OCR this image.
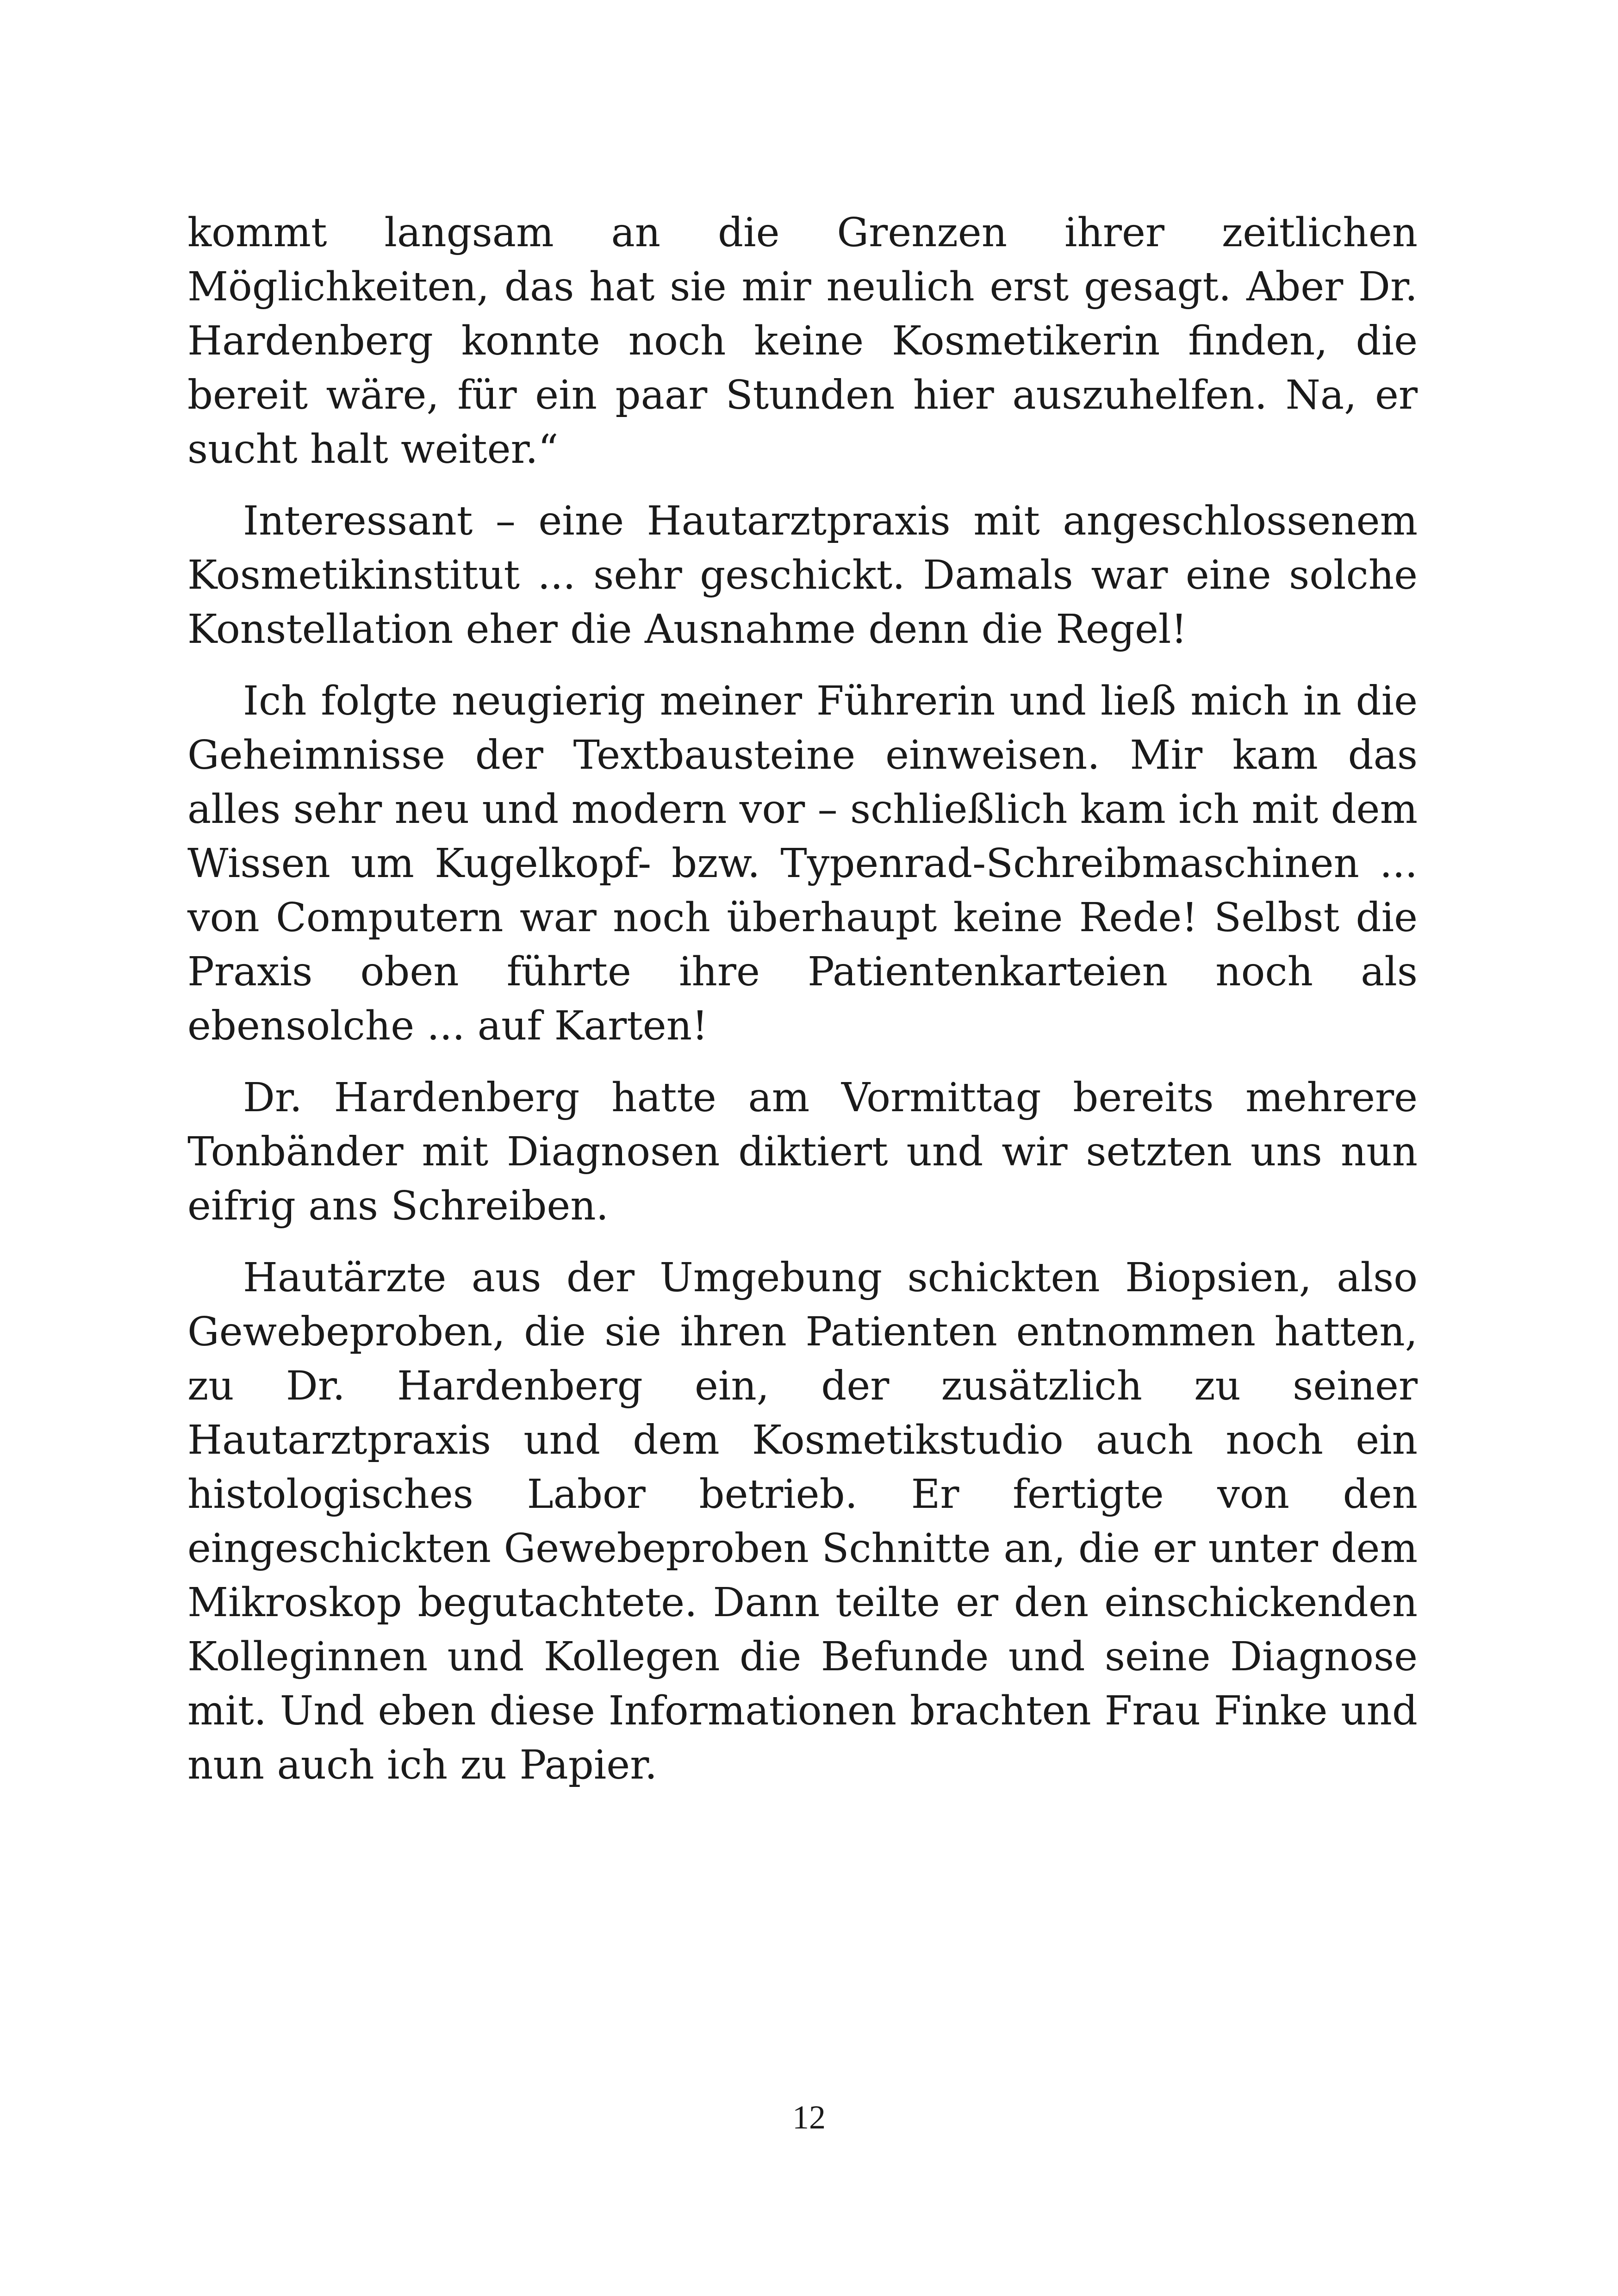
kommt langsam an die Grenzen ihrer zeitlichen Möglichkeiten, das hat sie mir neulich erst gesagt. Aber Dr. Hardenberg konnte noch keine Kosmetikerin finden, die bereit wäre, für ein paar Stunden hier auszuhelfen. Na, er sucht halt weiter.“

Interessant – eine Hautarztpraxis mit angeschlossenem Kosmetikinstitut ... sehr geschickt. Damals war eine solche Konstellation eher die Ausnahme denn die Regel!

Ich folgte neugierig meiner Führerin und ließ mich in die Geheimnisse der Textbausteine einweisen. Mir kam das alles sehr neu und modern vor – schließlich kam ich mit dem Wissen um Kugelkopf- bzw. Typenrad-Schreibmaschinen ... von Computern war noch überhaupt keine Rede! Selbst die Praxis oben führte ihre Patientenkarteien noch als ebensolche ... auf Karten!

Dr. Hardenberg hatte am Vormittag bereits mehrere Tonbänder mit Diagnosen diktiert und wir setzten uns nun eifrig ans Schreiben.

Hautärzte aus der Umgebung schickten Biopsien, also Gewebeproben, die sie ihren Patienten entnommen hatten, zu Dr. Hardenberg ein, der zusätzlich zu seiner Hautarztpraxis und dem Kosmetikstudio auch noch ein histologisches Labor betrieb. Er fertigte von den eingeschickten Gewebeproben Schnitte an, die er unter dem Mikroskop begutachtete. Dann teilte er den einschickenden Kolleginnen und Kollegen die Befunde und seine Diagnose mit. Und eben diese Informationen brachten Frau Finke und nun auch ich zu Papier.

12
